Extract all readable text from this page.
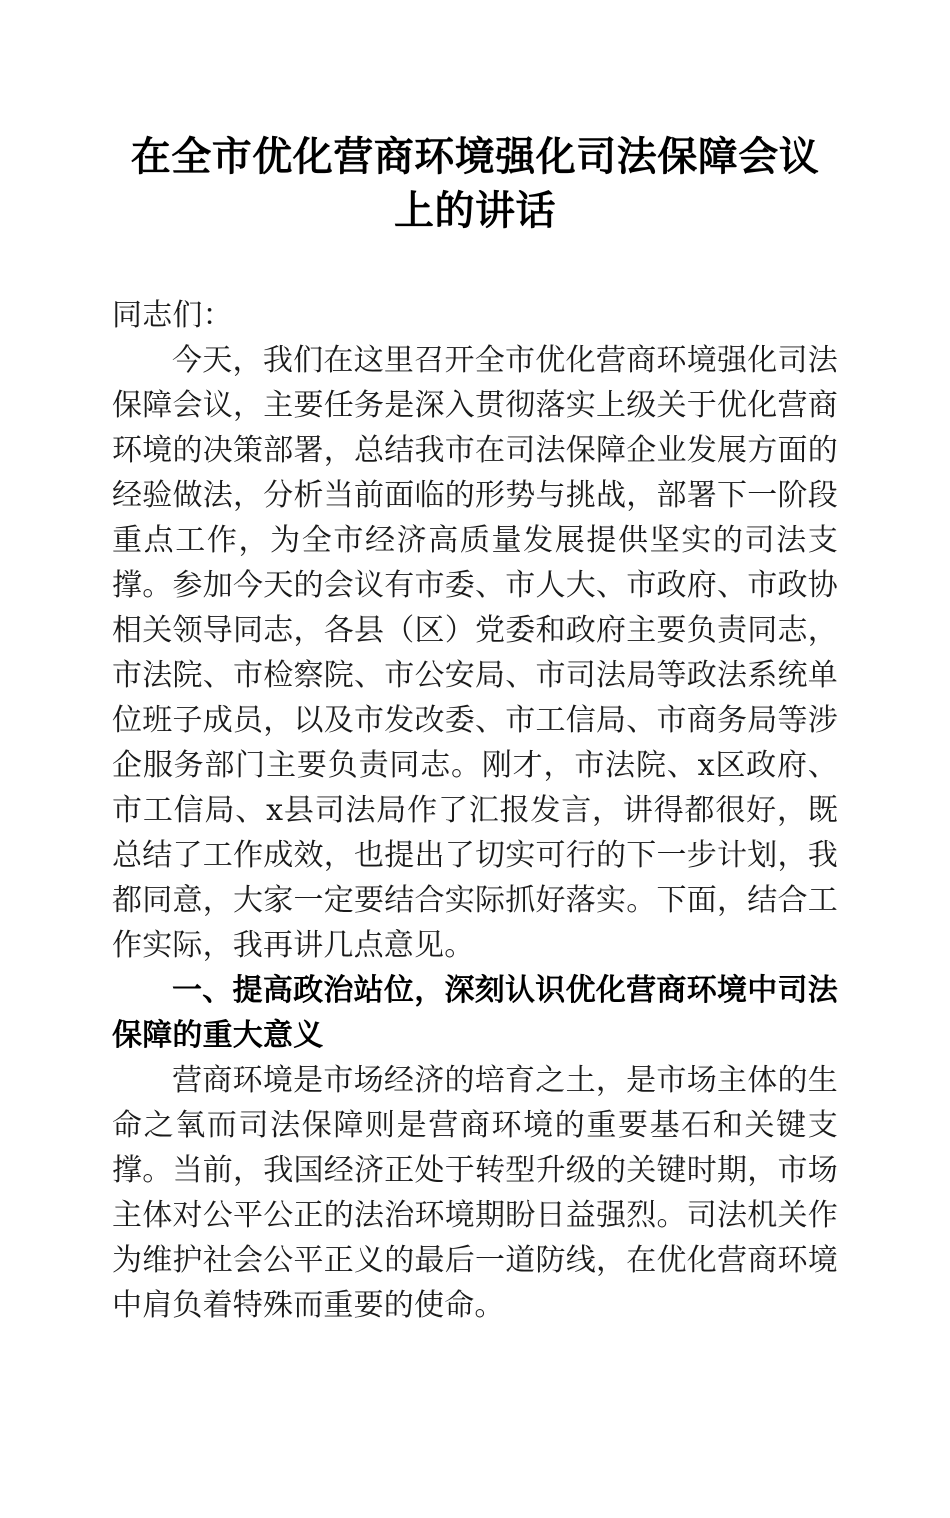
在全市优化营商环境强化司法保障会议上的讲话

同志们：

今天，我们在这里召开全市优化营商环境强化司法保障会议，主要任务是深入贯彻落实上级关于优化营商环境的决策部署，总结我市在司法保障企业发展方面的经验做法，分析当前面临的形势与挑战，部署下一阶段重点工作，为全市经济高质量发展提供坚实的司法支撑。参加今天的会议有市委、市人大、市政府、市政协相关领导同志，各县（区）党委和政府主要负责同志，市法院、市检察院、市公安局、市司法局等政法系统单位班子成员，以及市发改委、市工信局、市商务局等涉企服务部门主要负责同志。刚才，市法院、x区政府、市工信局、x县司法局作了汇报发言，讲得都很好，既总结了工作成效，也提出了切实可行的下一步计划，我都同意，大家一定要结合实际抓好落实。下面，结合工作实际，我再讲几点意见。

一、提高政治站位，深刻认识优化营商环境中司法保障的重大意义

营商环境是市场经济的培育之土，是市场主体的生命之氧而司法保障则是营商环境的重要基石和关键支撑。当前，我国经济正处于转型升级的关键时期，市场主体对公平公正的法治环境期盼日益强烈。司法机关作为维护社会公平正义的最后一道防线，在优化营商环境中肩负着特殊而重要的使命。
